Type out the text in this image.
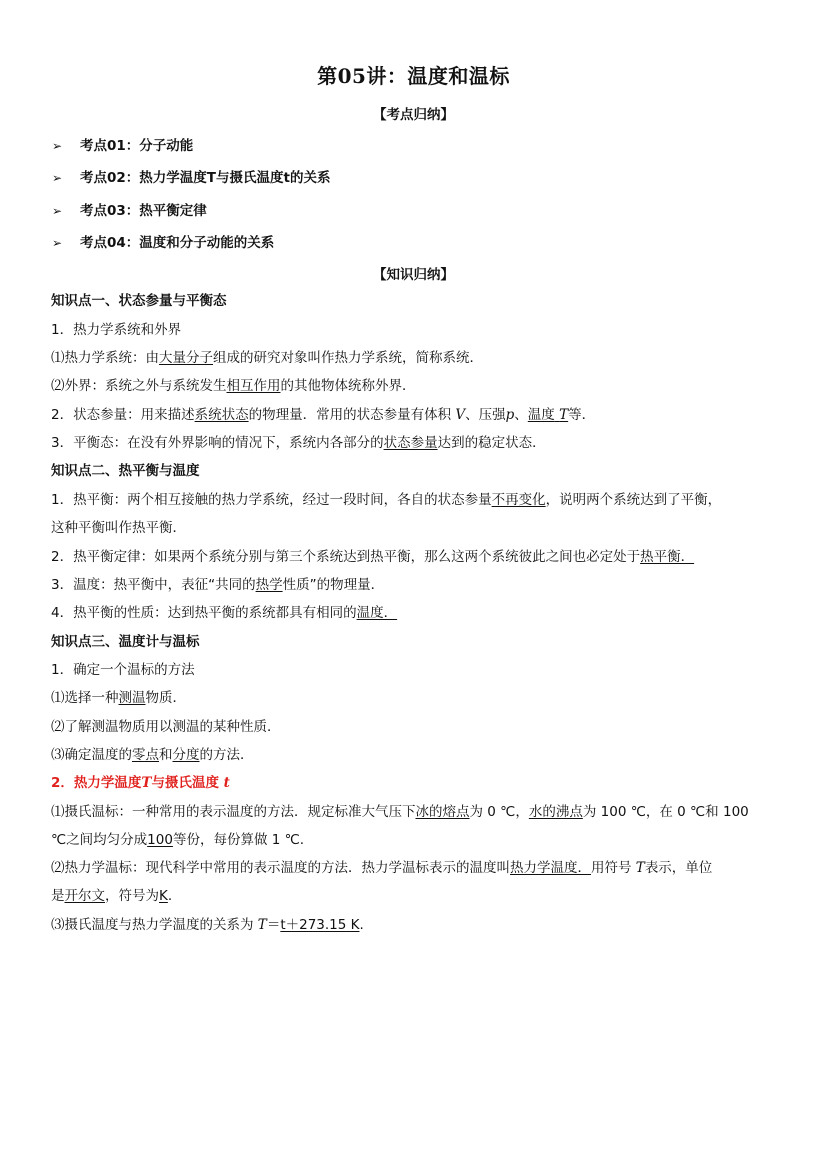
第05讲：温度和温标
【考点归纳】
➢ 考点01：分子动能
➢ 考点02：热力学温度T与摄氏温度t的关系
➢ 考点03：热平衡定律
➢ 考点04：温度和分子动能的关系
【知识归纳】
知识点一、状态参量与平衡态
1．热力学系统和外界
⑴热力学系统：由大量分子组成的研究对象叫作热力学系统，简称系统．
⑵外界：系统之外与系统发生相互作用的其他物体统称外界．
2．状态参量：用来描述系统状态的物理量．常用的状态参量有体积 V、压强p、温度 T等．
3．平衡态：在没有外界影响的情况下，系统内各部分的状态参量达到的稳定状态．
知识点二、热平衡与温度
1．热平衡：两个相互接触的热力学系统，经过一段时间，各自的状态参量不再变化，说明两个系统达到了平衡，
这种平衡叫作热平衡．
2．热平衡定律：如果两个系统分别与第三个系统达到热平衡，那么这两个系统彼此之间也必定处于热平衡．
3．温度：热平衡中，表征“共同的热学性质”的物理量．
4．热平衡的性质：达到热平衡的系统都具有相同的温度．
知识点三、温度计与温标
1．确定一个温标的方法
⑴选择一种测温物质．
⑵了解测温物质用以测温的某种性质．
⑶确定温度的零点和分度的方法．
2．热力学温度T与摄氏温度 t
⑴摄氏温标：一种常用的表示温度的方法．规定标准大气压下冰的熔点为 0 ℃，水的沸点为 100 ℃，在 0 ℃和 100
℃之间均匀分成100等份，每份算做 1 ℃.
⑵热力学温标：现代科学中常用的表示温度的方法．热力学温标表示的温度叫热力学温度．用符号 T表示，单位
是开尔文，符号为K.
⑶摄氏温度与热力学温度的关系为 T＝t＋273.15 K.
